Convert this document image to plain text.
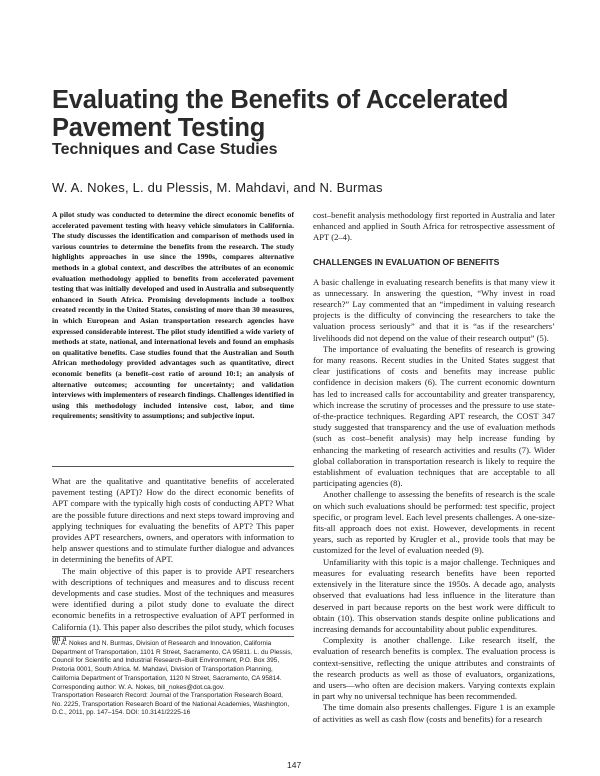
Evaluating the Benefits of Accelerated Pavement Testing
Techniques and Case Studies

W. A. Nokes, L. du Plessis, M. Mahdavi, and N. Burmas

A pilot study was conducted to determine the direct economic benefits of accelerated pavement testing with heavy vehicle simulators in California. The study discusses the identification and comparison of methods used in various countries to determine the benefits from the research. The study highlights approaches in use since the 1990s, compares alternative methods in a global context, and describes the attributes of an economic evaluation methodology applied to benefits from accelerated pavement testing that was initially developed and used in Australia and subsequently enhanced in South Africa. Promising developments include a toolbox created recently in the United States, consisting of more than 30 measures, in which European and Asian transportation research agencies have expressed considerable interest. The pilot study identified a wide variety of methods at state, national, and international levels and found an emphasis on qualitative benefits. Case studies found that the Australian and South African methodology provided advantages such as quantitative, direct economic benefits (a benefit–cost ratio of around 10:1; an analysis of alternative outcomes; accounting for uncertainty; and validation interviews with implementers of research findings. Challenges identified in using this methodology included intensive cost, labor, and time requirements; sensitivity to assumptions; and subjective input.

What are the qualitative and quantitative benefits of accelerated pavement testing (APT)? How do the direct economic benefits of APT compare with the typically high costs of conducting APT? What are the possible future directions and next steps toward improving and applying techniques for evaluating the benefits of APT? This paper provides APT researchers, owners, and operators with information to help answer questions and to stimulate further dialogue and advances in determining the benefits of APT.

The main objective of this paper is to provide APT researchers with descriptions of techniques and measures and to discuss recent developments and case studies. Most of the techniques and measures were identified during a pilot study done to evaluate the direct economic benefits in a retrospective evaluation of APT performed in California (1). This paper also describes the pilot study, which focuses on a

W. A. Nokes and N. Burmas, Division of Research and Innovation, California Department of Transportation, 1101 R Street, Sacramento, CA 95811. L. du Plessis, Council for Scientific and Industrial Research–Built Environment, P.O. Box 395, Pretoria 0001, South Africa. M. Mahdavi, Division of Transportation Planning, California Department of Transportation, 1120 N Street, Sacramento, CA 95814. Corresponding author: W. A. Nokes, bill_nokes@dot.ca.gov.

Transportation Research Record: Journal of the Transportation Research Board, No. 2225, Transportation Research Board of the National Academies, Washington, D.C., 2011, pp. 147–154. DOI: 10.3141/2225-16

cost–benefit analysis methodology first reported in Australia and later enhanced and applied in South Africa for retrospective assessment of APT (2–4).

CHALLENGES IN EVALUATION OF BENEFITS

A basic challenge in evaluating research benefits is that many view it as unnecessary. In answering the question, “Why invest in road research?” Lay commented that an “impediment in valuing research projects is the difficulty of convincing the researchers to take the valuation process seriously” and that it is “as if the researchers’ livelihoods did not depend on the value of their research output” (5).

The importance of evaluating the benefits of research is growing for many reasons. Recent studies in the United States suggest that clear justifications of costs and benefits may increase public confidence in decision makers (6). The current economic downturn has led to increased calls for accountability and greater transparency, which increase the scrutiny of processes and the pressure to use state-of-the-practice techniques. Regarding APT research, the COST 347 study suggested that transparency and the use of evaluation methods (such as cost–benefit analysis) may help increase funding by enhancing the marketing of research activities and results (7). Wider global collaboration in transportation research is likely to require the establishment of evaluation techniques that are acceptable to all participating agencies (8).

Another challenge to assessing the benefits of research is the scale on which such evaluations should be performed: test specific, project specific, or program level. Each level presents challenges. A one-size-fits-all approach does not exist. However, developments in recent years, such as reported by Krugler et al., provide tools that may be customized for the level of evaluation needed (9).

Unfamiliarity with this topic is a major challenge. Techniques and measures for evaluating research benefits have been reported extensively in the literature since the 1950s. A decade ago, analysts observed that evaluations had less influence in the literature than deserved in part because reports on the best work were difficult to obtain (10). This observation stands despite online publications and increasing demands for accountability about public expenditures.

Complexity is another challenge. Like research itself, the evaluation of research benefits is complex. The evaluation process is context-sensitive, reflecting the unique attributes and constraints of the research products as well as those of evaluators, organizations, and users—who often are decision makers. Varying contexts explain in part why no universal technique has been recommended.

The time domain also presents challenges. Figure 1 is an example of activities as well as cash flow (costs and benefits) for a research

147
